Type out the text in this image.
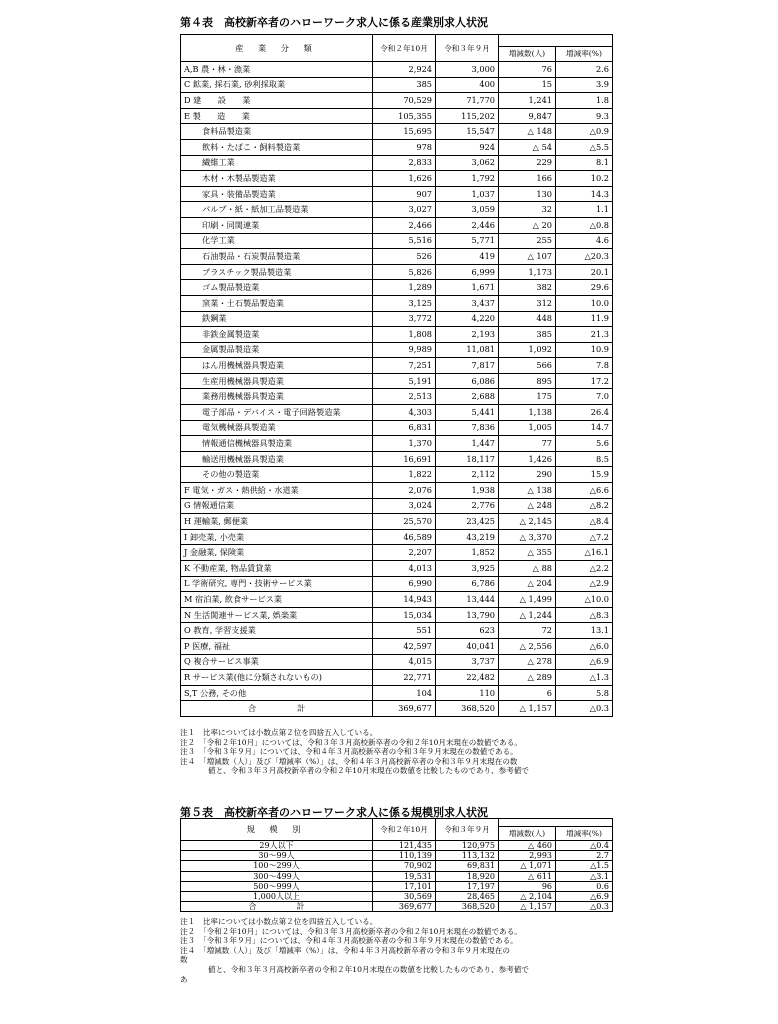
第４表　高校新卒者のハローワーク求人に係る産業別求人状況
産 業 分 類	令和２年10月	令和３年９月		
			増減数(人)	増減率(%)
A,B 農・林・漁業	2,924	3,000	76	2.6
C 鉱業, 採石業, 砂利採取業	385	400	15	3.9
D 建　　設　　業	70,529	71,770	1,241	1.8
E 製　　造　　業	105,355	115,202	9,847	9.3
食料品製造業	15,695	15,547	△ 148	△0.9
飲料・たばこ・飼料製造業	978	924	△ 54	△5.5
繊維工業	2,833	3,062	229	8.1
木材・木製品製造業	1,626	1,792	166	10.2
家具・装備品製造業	907	1,037	130	14.3
パルプ・紙・紙加工品製造業	3,027	3,059	32	1.1
印刷・同関連業	2,466	2,446	△ 20	△0.8
化学工業	5,516	5,771	255	4.6
石油製品・石炭製品製造業	526	419	△ 107	△20.3
プラスチック製品製造業	5,826	6,999	1,173	20.1
ゴム製品製造業	1,289	1,671	382	29.6
窯業・土石製品製造業	3,125	3,437	312	10.0
鉄鋼業	3,772	4,220	448	11.9
非鉄金属製造業	1,808	2,193	385	21.3
金属製品製造業	9,989	11,081	1,092	10.9
はん用機械器具製造業	7,251	7,817	566	7.8
生産用機械器具製造業	5,191	6,086	895	17.2
業務用機械器具製造業	2,513	2,688	175	7.0
電子部品・デバイス・電子回路製造業	4,303	5,441	1,138	26.4
電気機械器具製造業	6,831	7,836	1,005	14.7
情報通信機械器具製造業	1,370	1,447	77	5.6
輸送用機械器具製造業	16,691	18,117	1,426	8.5
その他の製造業	1,822	2,112	290	15.9
F 電気・ガス・熱供給・水道業	2,076	1,938	△ 138	△6.6
G 情報通信業	3,024	2,776	△ 248	△8.2
H 運輸業, 郵便業	25,570	23,425	△ 2,145	△8.4
I 卸売業, 小売業	46,589	43,219	△ 3,370	△7.2
J 金融業, 保険業	2,207	1,852	△ 355	△16.1
K 不動産業, 物品賃貸業	4,013	3,925	△ 88	△2.2
L 学術研究, 専門・技術サービス業	6,990	6,786	△ 204	△2.9
M 宿泊業, 飲食サービス業	14,943	13,444	△ 1,499	△10.0
N 生活関連サービス業, 娯楽業	15,034	13,790	△ 1,244	△8.3
O 教育, 学習支援業	551	623	72	13.1
P 医療, 福祉	42,597	40,041	△ 2,556	△6.0
Q 複合サービス事業	4,015	3,737	△ 278	△6.9
R サービス業(他に分類されないもの)	22,771	22,482	△ 289	△1.3
S,T 公務, その他	104	110	6	5.8
合　　　　　計	369,677	368,520	△ 1,157	△0.3
注１　比率については小数点第２位を四捨五入している。
注２　「令和２年10月」については、令和３年３月高校新卒者の令和２年10月末現在の数値である。
注３　「令和３年９月」については、令和４年３月高校新卒者の令和３年９月末現在の数値である。
注４　「増減数（人）」及び「増減率（%）」は、令和４年３月高校新卒者の令和３年９月末現在の数
値と、令和３年３月高校新卒者の令和２年10月末現在の数値を比較したものであり、参考値で
第５表　高校新卒者のハローワーク求人に係る規模別求人状況
規 模 別	令和２年10月	令和３年９月		
			増減数(人)	増減率(%)
29人以下	121,435	120,975	△ 460	△0.4
30～99人	110,139	113,132	2,993	2.7
100～299人	70,902	69,831	△ 1,071	△1.5
300～499人	19,531	18,920	△ 611	△3.1
500～999人	17,101	17,197	96	0.6
1,000人以上	30,569	28,465	△ 2,104	△6.9
合　　　　　計	369,677	368,520	△ 1,157	△0.3
注１　比率については小数点第２位を四捨五入している。
注２　「令和２年10月」については、令和３年３月高校新卒者の令和２年10月末現在の数値である。
注３　「令和３年９月」については、令和４年３月高校新卒者の令和３年９月末現在の数値である。
注４　「増減数（人）」及び「増減率（%）」は、令和４年３月高校新卒者の令和３年９月末現在の
数
値と、令和３年３月高校新卒者の令和２年10月末現在の数値を比較したものであり、参考値で
あ
